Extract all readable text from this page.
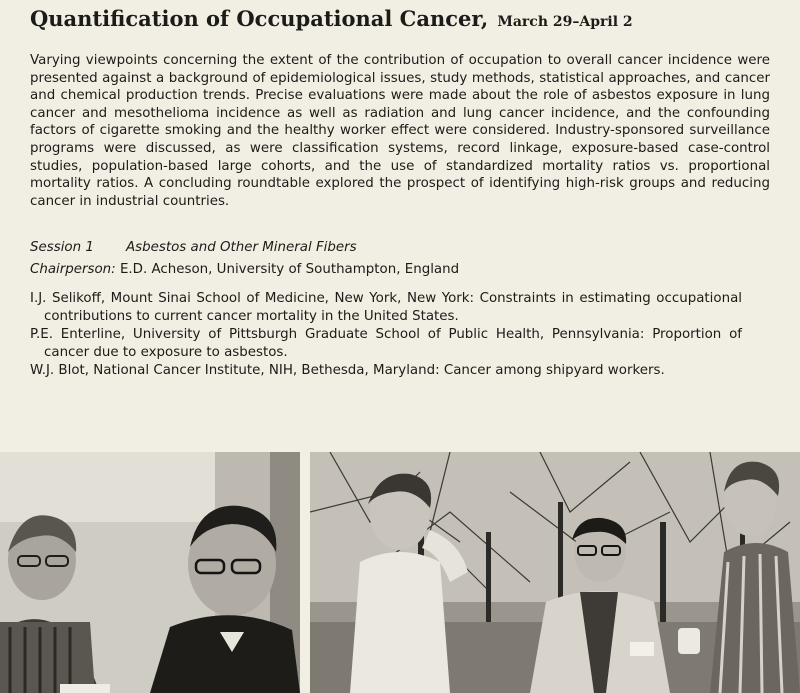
Quantification of Occupational Cancer, March 29–April 2

Varying viewpoints concerning the extent of the contribution of occupation to overall cancer incidence were presented against a background of epidemiological issues, study methods, statistical approaches, and cancer and chemical production trends. Precise evaluations were made about the role of asbestos exposure in lung cancer and mesothelioma incidence as well as radiation and lung cancer incidence, and the confounding factors of cigarette smoking and the healthy worker effect were considered. Industry-sponsored surveillance programs were discussed, as were classification systems, record linkage, exposure-based case-control studies, population-based large cohorts, and the use of standardized mortality ratios vs. proportional mortality ratios. A concluding roundtable explored the prospect of identifying high-risk groups and reducing cancer in industrial countries.

Session 1 Asbestos and Other Mineral Fibers
Chairperson: E.D. Acheson, University of Southampton, England
I.J. Selikoff, Mount Sinai School of Medicine, New York, New York: Constraints in estimating occupational contributions to current cancer mortality in the United States.
P.E. Enterline, University of Pittsburgh Graduate School of Public Health, Pennsylvania: Proportion of cancer due to exposure to asbestos.
W.J. Blot, National Cancer Institute, NIH, Bethesda, Maryland: Cancer among shipyard workers.
